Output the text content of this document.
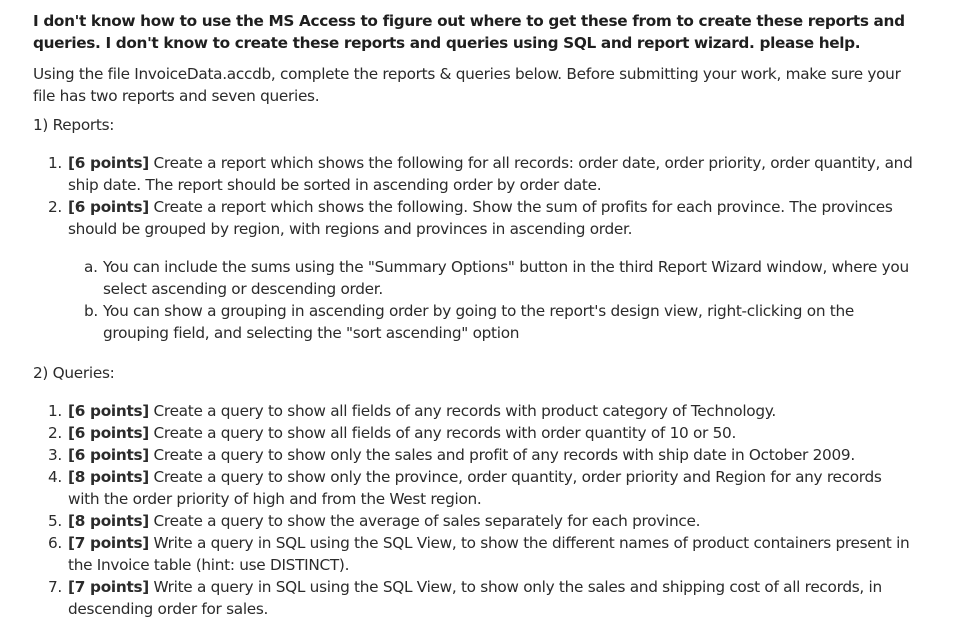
I don't know how to use the MS Access to figure out where to get these from to create these reports and queries. I don't know to create these reports and queries using SQL and report wizard. please help.

Using the file InvoiceData.accdb, complete the reports & queries below. Before submitting your work, make sure your file has two reports and seven queries.

1) Reports:

1. [6 points] Create a report which shows the following for all records: order date, order priority, order quantity, and ship date. The report should be sorted in ascending order by order date.
2. [6 points] Create a report which shows the following. Show the sum of profits for each province. The provinces should be grouped by region, with regions and provinces in ascending order.
a. You can include the sums using the "Summary Options" button in the third Report Wizard window, where you select ascending or descending order.
b. You can show a grouping in ascending order by going to the report's design view, right-clicking on the grouping field, and selecting the "sort ascending" option

2) Queries:

1. [6 points] Create a query to show all fields of any records with product category of Technology.
2. [6 points] Create a query to show all fields of any records with order quantity of 10 or 50.
3. [6 points] Create a query to show only the sales and profit of any records with ship date in October 2009.
4. [8 points] Create a query to show only the province, order quantity, order priority and Region for any records with the order priority of high and from the West region.
5. [8 points] Create a query to show the average of sales separately for each province.
6. [7 points] Write a query in SQL using the SQL View, to show the different names of product containers present in the Invoice table (hint: use DISTINCT).
7. [7 points] Write a query in SQL using the SQL View, to show only the sales and shipping cost of all records, in descending order for sales.
